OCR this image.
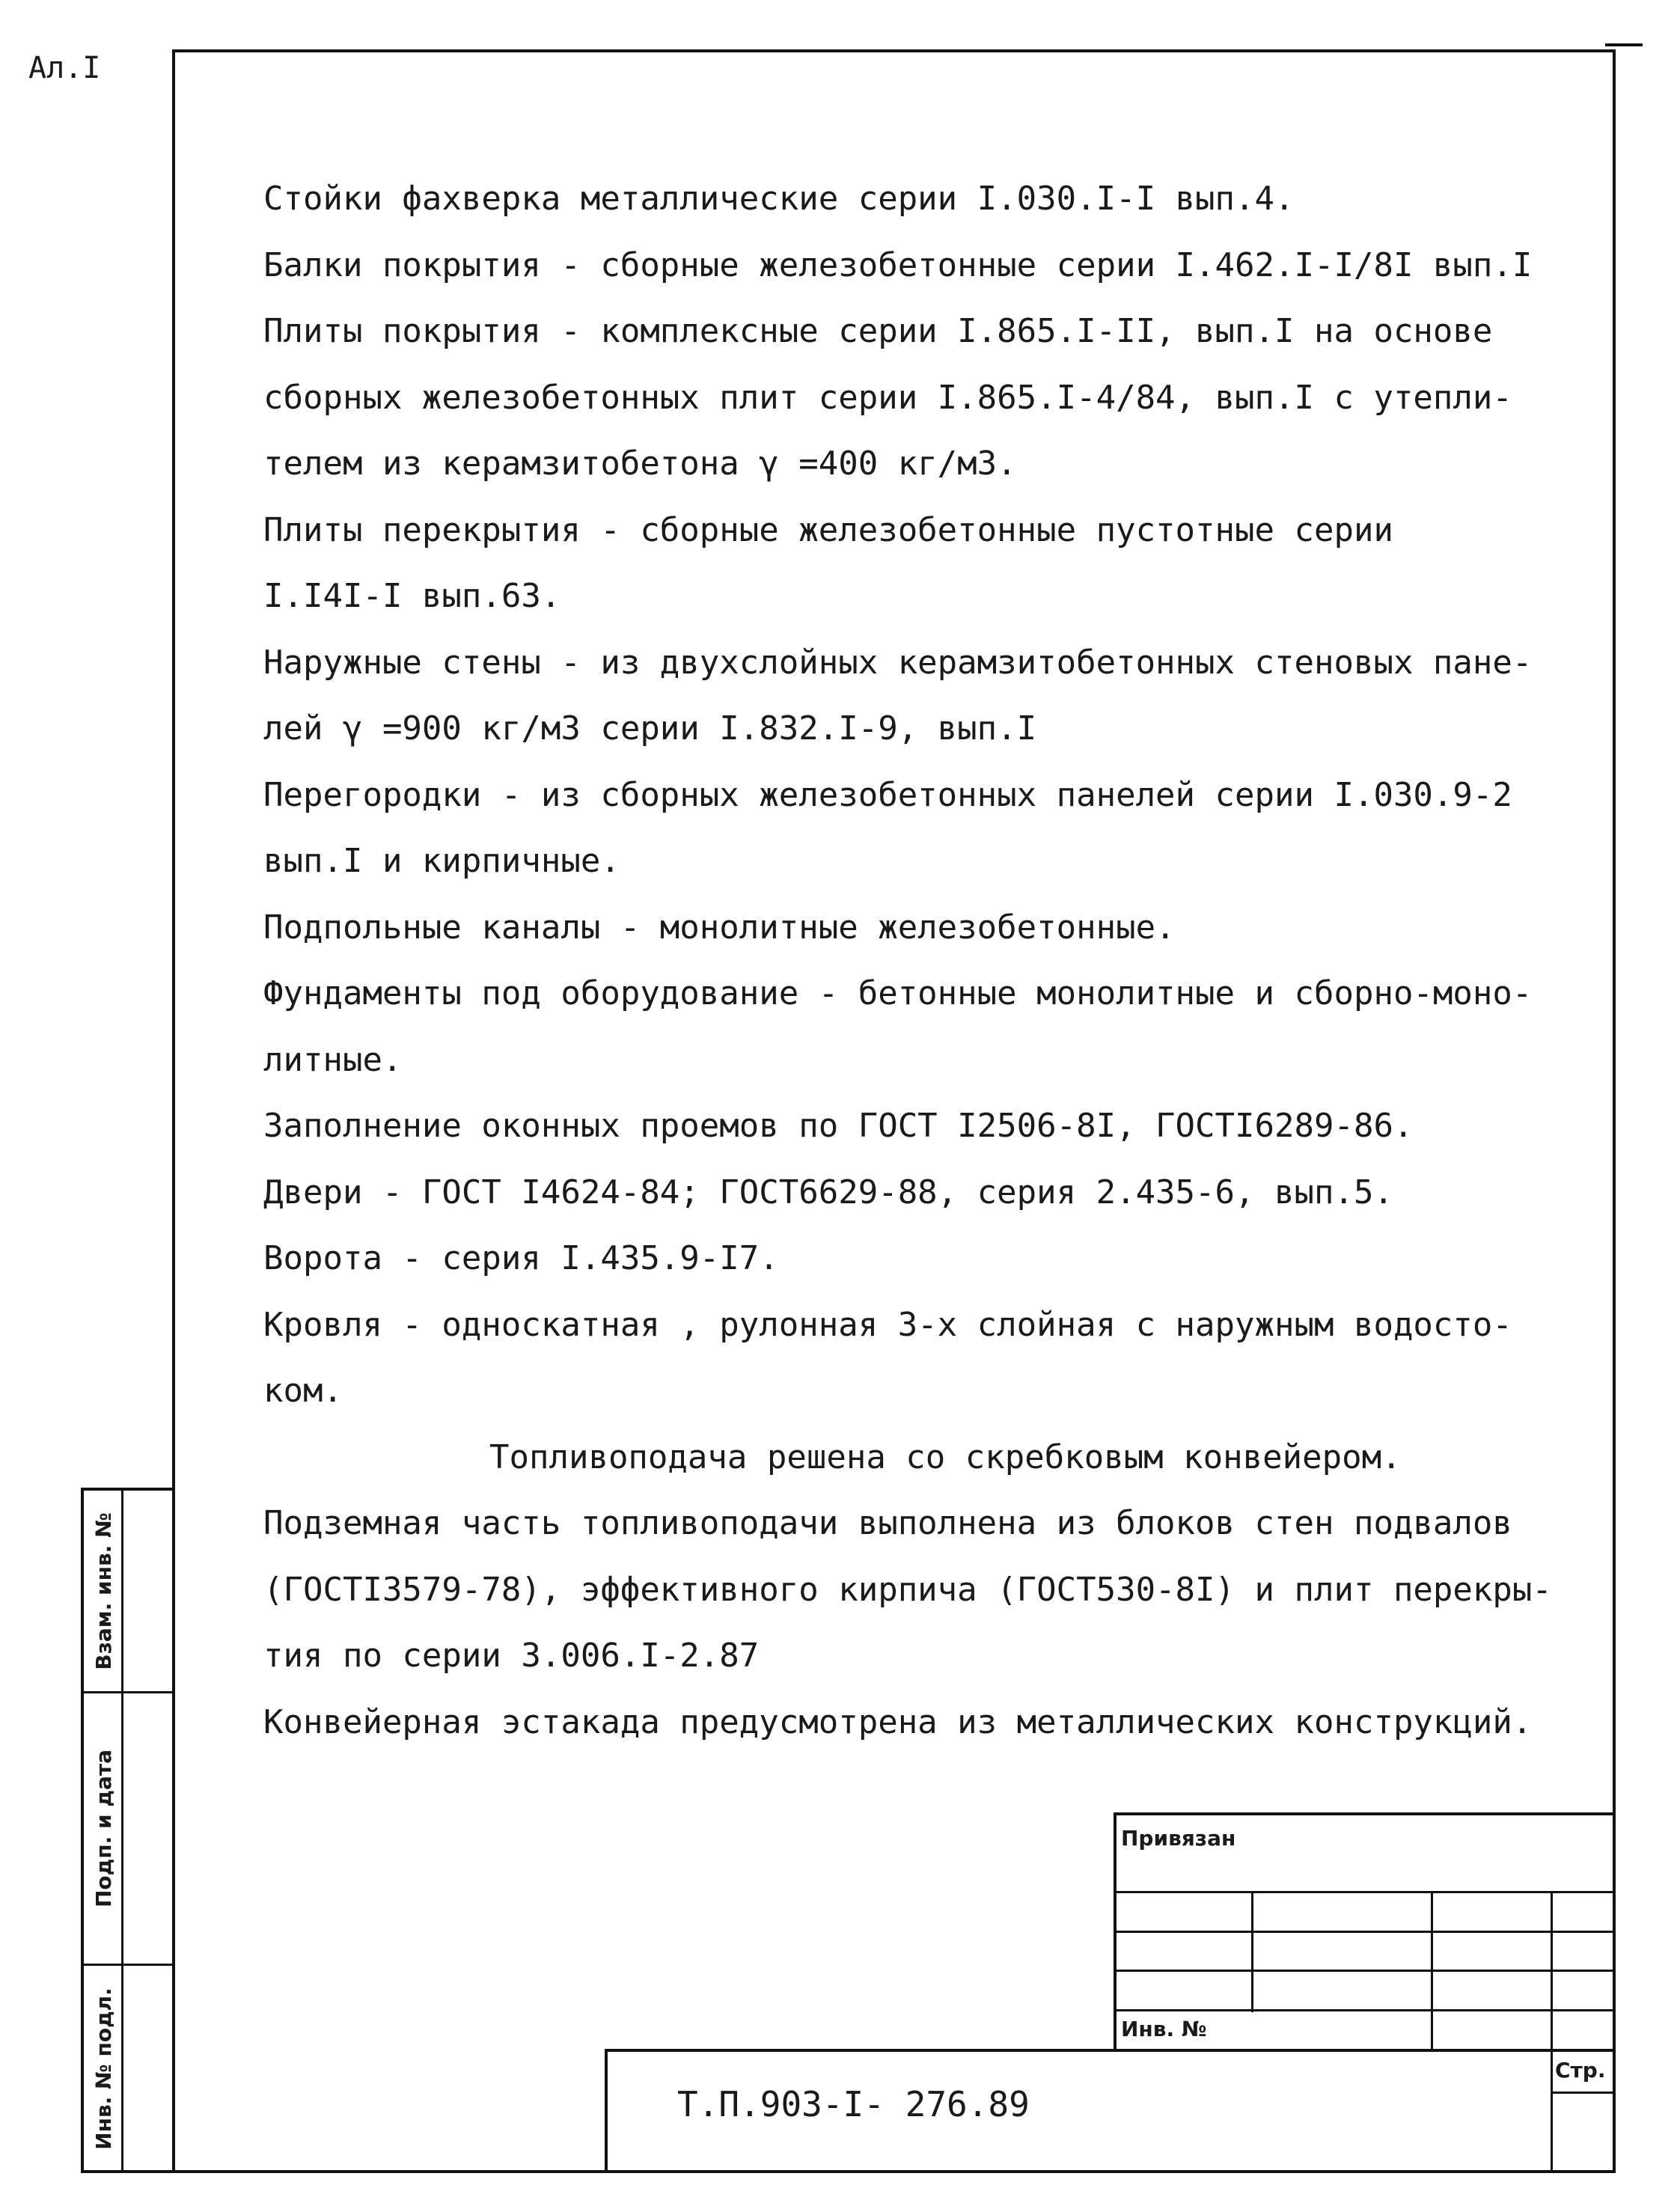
Ал.I
Стойки фахверка металлические серии I.030.I-I вып.4.
Балки покрытия - сборные железобетонные серии I.462.I-I/8I вып.I
Плиты покрытия - комплексные серии I.865.I-II, вып.I на основе
сборных железобетонных плит серии I.865.I-4/84, вып.I с утепли-
телем из керамзитобетона γ =400 кг/м3.
Плиты перекрытия - сборные железобетонные пустотные серии
I.I4I-I вып.63.
Наружные стены - из двухслойных керамзитобетонных стеновых пане-
лей γ =900 кг/м3 серии I.832.I-9, вып.I
Перегородки - из сборных железобетонных панелей серии I.030.9-2
вып.I и кирпичные.
Подпольные каналы - монолитные железобетонные.
Фундаменты под оборудование - бетонные монолитные и сборно-моно-
литные.
Заполнение оконных проемов по ГОСТ I2506-8I, ГОСТI6289-86.
Двери - ГОСТ I4624-84; ГОСТ6629-88, серия 2.435-6, вып.5.
Ворота - серия I.435.9-I7.
Кровля - односкатная , рулонная 3-х слойная с наружным водосто-
ком.
Топливоподача решена со скребковым конвейером.
Подземная часть топливоподачи выполнена из блоков стен подвалов
(ГОСТI3579-78), эффективного кирпича (ГОСТ530-8I) и плит перекры-
тия по серии 3.006.I-2.87
Конвейерная эстакада предусмотрена из металлических конструкций.
Взам. инв. №
Подп. и дата
Инв. № подл.
Привязан
Инв. №
Стр.
Т.П.903-I- 276.89
